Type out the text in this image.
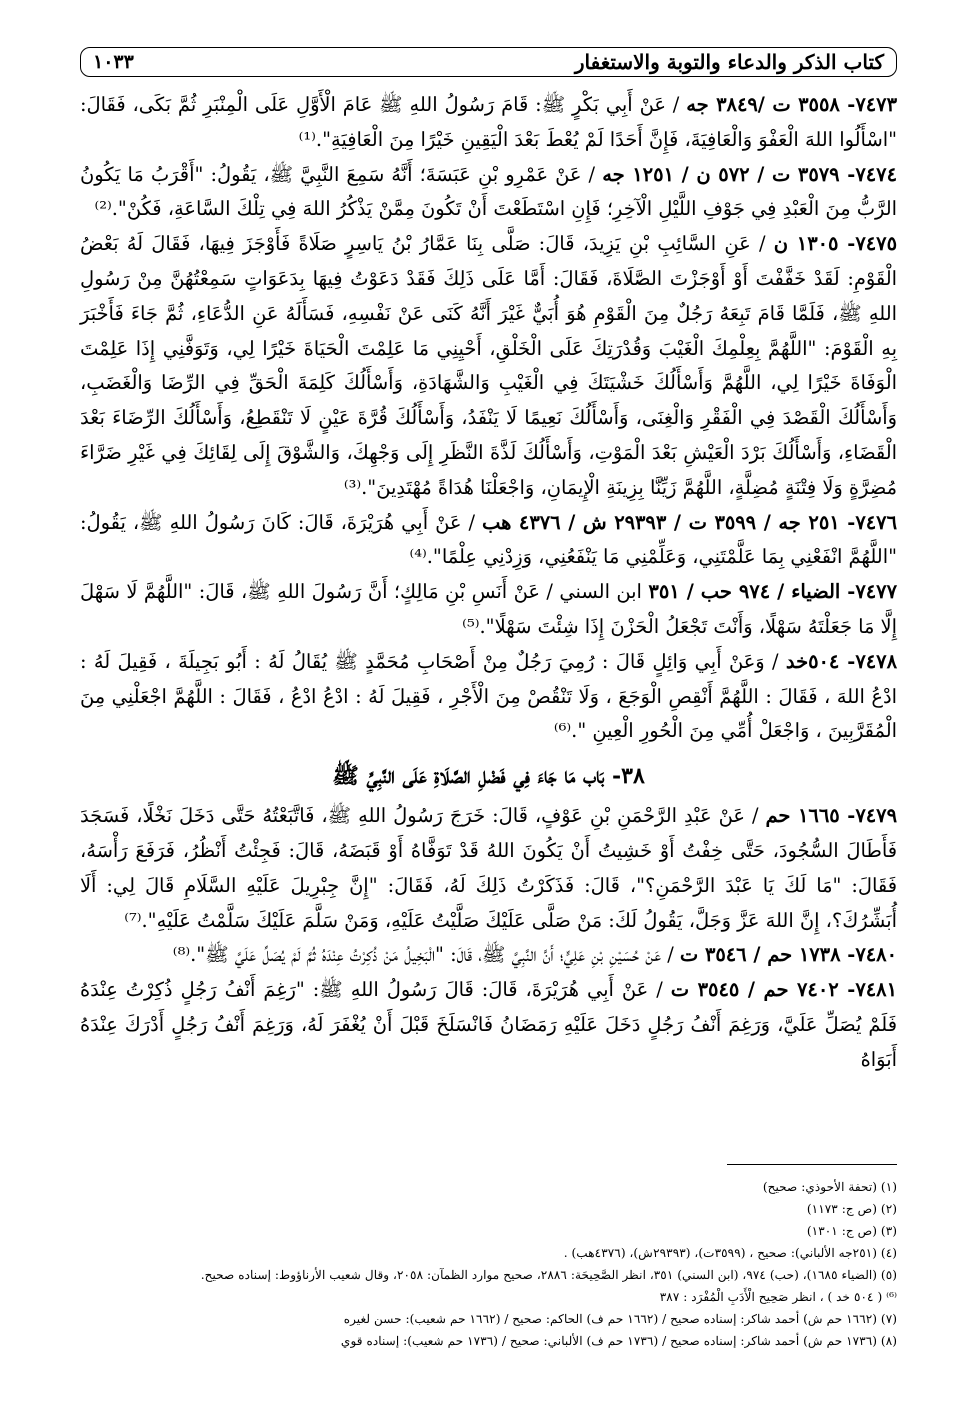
كتاب الذكر والدعاء والتوبة والاستغفار
١٠٣٣

٧٤٧٣- ٣٥٥٨ ت /٣٨٤٩ جه / عَنْ أَبِي بَكْرٍ ﷺ: قَامَ رَسُولُ اللهِ ﷺ عَامَ الْأَوَّلِ عَلَى الْمِنْبَرِ ثُمَّ بَكَى، فَقَالَ: "اسْأَلُوا اللهَ الْعَفْوَ وَالْعَافِيَةَ، فَإِنَّ أَحَدًا لَمْ يُعْطَ بَعْدَ الْيَقِينِ خَيْرًا مِنَ الْعَافِيَةِ".⁽¹⁾

٧٤٧٤- ٣٥٧٩ ت / ٥٧٢ ن / ١٢٥١ جه / عَنْ عَمْرِو بْنِ عَبَسَةَ؛ أَنَّهُ سَمِعَ النَّبِيَّ ﷺ، يَقُولُ: "أَقْرَبُ مَا يَكُونُ الرَّبُّ مِنَ الْعَبْدِ فِي جَوْفِ اللَّيْلِ الْآخِرِ؛ فَإِنِ اسْتَطَعْتَ أَنْ تَكُونَ مِمَّنْ يَذْكُرُ اللهَ فِي تِلْكَ السَّاعَةِ، فَكُنْ".⁽²⁾

٧٤٧٥- ١٣٠٥ ن / عَنِ السَّائِبِ بْنِ يَزِيدَ، قَالَ: صَلَّى بِنَا عَمَّارُ بْنُ يَاسِرٍ صَلَاةً فَأَوْجَزَ فِيهَا، فَقَالَ لَهُ بَعْضُ الْقَوْمِ: لَقَدْ خَفَّفْتَ أَوْ أَوْجَزْتَ الصَّلَاةَ، فَقَالَ: أَمَّا عَلَى ذَلِكَ فَقَدْ دَعَوْتُ فِيهَا بِدَعَوَاتٍ سَمِعْتُهُنَّ مِنْ رَسُولِ اللهِ ﷺ، فَلَمَّا قَامَ تَبِعَهُ رَجُلٌ مِنَ الْقَوْمِ هُوَ أُبَيٌّ غَيْرَ أَنَّهُ كَنَى عَنْ نَفْسِهِ، فَسَأَلَهُ عَنِ الدُّعَاءِ، ثُمَّ جَاءَ فَأَخْبَرَ بِهِ الْقَوْمَ: "اللَّهُمَّ بِعِلْمِكَ الْغَيْبَ وَقُدْرَتِكَ عَلَى الْخَلْقِ، أَحْيِنِي مَا عَلِمْتَ الْحَيَاةَ خَيْرًا لِي، وَتَوَفَّنِي إِذَا عَلِمْتَ الْوَفَاةَ خَيْرًا لِي، اللَّهُمَّ وَأَسْأَلُكَ خَشْيَتَكَ فِي الْغَيْبِ وَالشَّهَادَةِ، وَأَسْأَلُكَ كَلِمَةَ الْحَقِّ فِي الرِّضَا وَالْغَضَبِ، وَأَسْأَلُكَ الْقَصْدَ فِي الْفَقْرِ وَالْغِنَى، وَأَسْأَلُكَ نَعِيمًا لَا يَنْفَدُ، وَأَسْأَلُكَ قُرَّةَ عَيْنٍ لَا تَنْقَطِعُ، وَأَسْأَلُكَ الرِّضَاءَ بَعْدَ الْقَضَاءِ، وَأَسْأَلُكَ بَرْدَ الْعَيْشِ بَعْدَ الْمَوْتِ، وَأَسْأَلُكَ لَذَّةَ النَّظَرِ إِلَى وَجْهِكَ، وَالشَّوْقَ إِلَى لِقَائِكَ فِي غَيْرِ ضَرَّاءَ مُضِرَّةٍ وَلَا فِتْنَةٍ مُضِلَّةٍ، اللَّهُمَّ زَيِّنَّا بِزِينَةِ الْإِيمَانِ، وَاجْعَلْنَا هُدَاةً مُهْتَدِينَ".⁽³⁾

٧٤٧٦- ٢٥١ جه / ٣٥٩٩ ت / ٢٩٣٩٣ ش / ٤٣٧٦ هب / عَنْ أَبِي هُرَيْرَةَ، قَالَ: كَانَ رَسُولُ اللهِ ﷺ، يَقُولُ: "اللَّهُمَّ انْفَعْنِي بِمَا عَلَّمْتَنِي، وَعَلِّمْنِي مَا يَنْفَعُنِي، وَزِدْنِي عِلْمًا".⁽⁴⁾

٧٤٧٧- الضياء / ٩٧٤ حب / ٣٥١ ابن السني / عَنْ أَنَسِ بْنِ مَالِكٍ؛ أَنَّ رَسُولَ اللهِ ﷺ، قَالَ: "اللَّهُمَّ لَا سَهْلَ إِلَّا مَا جَعَلْتَهُ سَهْلًا، وَأَنْتَ تَجْعَلُ الْحَزْنَ إِذَا شِئْتَ سَهْلًا".⁽⁵⁾

٧٤٧٨- ٥٠٤خد / وَعَنْ أَبِي وَائِلٍ قَالَ : رُمِيَ رَجُلٌ مِنْ أَصْحَابِ مُحَمَّدٍ ﷺ يُقَالُ لَهُ : أَبُو بَجِيلَةَ ، فَقِيلَ لَهُ : ادْعُ اللهَ ، فَقَالَ : اللَّهُمَّ أَنْقِصِ الْوَجَعَ ، وَلَا تَنْقُصْ مِنَ الْأَجْرِ ، فَقِيلَ لَهُ : ادْعُ ادْعُ ، فَقَالَ : اللَّهُمَّ اجْعَلْنِي مِنَ الْمُقَرَّبِينَ ، وَاجْعَلْ أُمِّي مِنَ الْحُورِ الْعِينِ ".⁽⁶⁾

٣٨- بَاب مَا جَاءَ فِي فَضْلِ الصَّلَاةِ عَلَى النَّبِيِّ ﷺ

٧٤٧٩- ١٦٦٥ حم / عَنْ عَبْدِ الرَّحْمَنِ بْنِ عَوْفٍ، قَالَ: خَرَجَ رَسُولُ اللهِ ﷺ، فَاتَّبَعْتُهُ حَتَّى دَخَلَ نَخْلًا، فَسَجَدَ فَأَطَالَ السُّجُودَ، حَتَّى خِفْتُ أَوْ خَشِيتُ أَنْ يَكُونَ اللهُ قَدْ تَوَفَّاهُ أَوْ قَبَضَهُ، قَالَ: فَجِئْتُ أَنْظُرُ، فَرَفَعَ رَأْسَهُ، فَقَالَ: "مَا لَكَ يَا عَبْدَ الرَّحْمَنِ؟"، قَالَ: فَذَكَرْتُ ذَلِكَ لَهُ، فَقَالَ: "إِنَّ جِبْرِيلَ عَلَيْهِ السَّلَامِ قَالَ لِي: أَلَا أُبَشِّرُكَ؟، إِنَّ اللهَ عَزَّ وَجَلَّ، يَقُولُ لَكَ: مَنْ صَلَّى عَلَيْكَ صَلَّيْتُ عَلَيْهِ، وَمَنْ سَلَّمَ عَلَيْكَ سَلَّمْتُ عَلَيْهِ".⁽⁷⁾

٧٤٨٠- ١٧٣٨ حم / ٣٥٤٦ ت / عَنْ حُسَيْنِ بْنِ عَلِيٍّ؛ أَنَّ النَّبِيَّ ﷺ، قَالَ: "الْبَخِيلُ مَنْ ذُكِرْتُ عِنْدَهُ ثُمَّ لَمْ يُصَلِّ عَلَيَّ ﷺ".⁽⁸⁾

٧٤٨١- ٧٤٠٢ حم / ٣٥٤٥ ت / عَنْ أَبِي هُرَيْرَةَ، قَالَ: قَالَ رَسُولُ اللهِ ﷺ: "رَغِمَ أَنْفُ رَجُلٍ ذُكِرْتُ عِنْدَهُ فَلَمْ يُصَلِّ عَلَيَّ، وَرَغِمَ أَنْفُ رَجُلٍ دَخَلَ عَلَيْهِ رَمَضَانُ فَانْسَلَخَ قَبْلَ أَنْ يُغْفَرَ لَهُ، وَرَغِمَ أَنْفُ رَجُلٍ أَدْرَكَ عِنْدَهُ أَبَوَاهُ

(١) (تحفة الأحوذي: صحيح)
(٢) (ص ج: ١١٧٣)
(٣) (ص ج: ١٣٠١)
(٤) (٢٥١جه الألباني): صحيح ، (٣٥٩٩ت)، (٢٩٣٩٣ش)، (٤٣٧٦هب) .
(٥) (الضياء ١٦٨٥)، (حب) ٩٧٤، (ابن السني) ٣٥١، انظر الصَّحِيحَة: ٢٨٨٦، صحيح موارد الظمآن: ٢٠٥٨، وقال شعيب الأرناؤوط: إسناده صحيح.
⁽⁶⁾ ( ٥٠٤ خد ) ، انظر صَحِيح الْأَدَبِ الْمُفْرَد : ٣٨٧
(٧) (١٦٦٢ حم ش) أحمد شاكر: إسناده صحيح / (١٦٦٢ حم ف) الحاكم: صحيح / (١٦٦٢ حم شعيب): حسن لغيره
(٨) (١٧٣٦ حم ش) أحمد شاكر: إسناده صحيح / (١٧٣٦ حم ف) الألباني: صحيح / (١٧٣٦ حم شعيب): إسناده قوي
